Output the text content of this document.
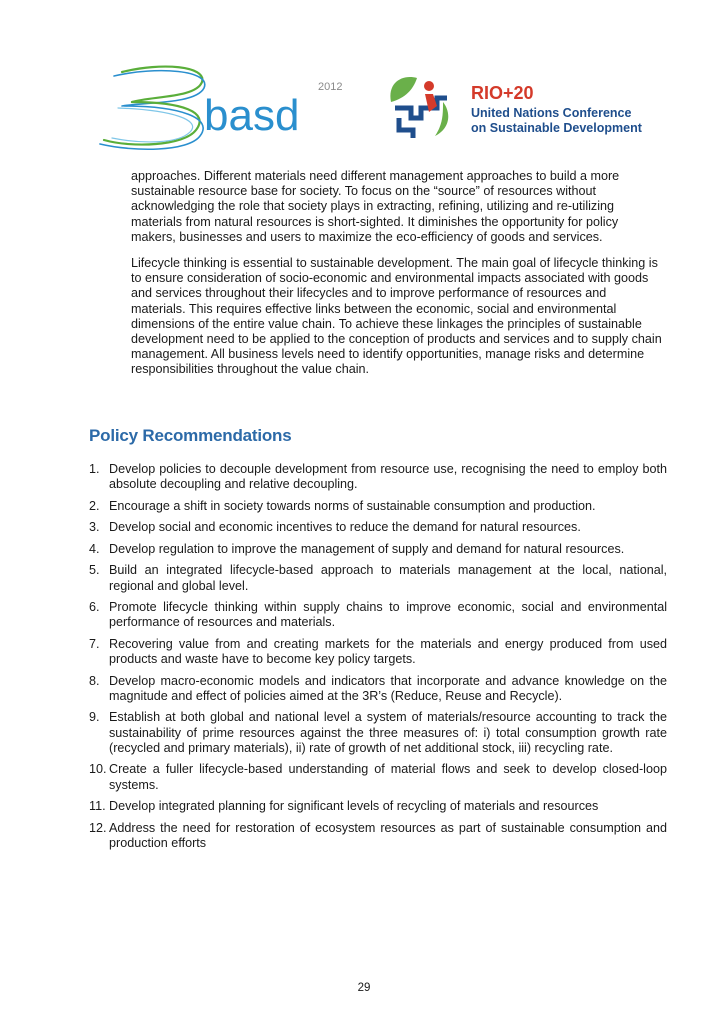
basd
2012	RIO+20
United Nations Conference
on Sustainable Development

approaches. Different materials need different management approaches to build a more sustainable resource base for society. To focus on the “source” of resources without acknowledging the role that society plays in extracting, refining, utilizing and re-utilizing materials from natural resources is short-sighted. It diminishes the opportunity for policy makers, businesses and users to maximize the eco-efficiency of goods and services.

Lifecycle thinking is essential to sustainable development. The main goal of lifecycle thinking is to ensure consideration of socio-economic and environmental impacts associated with goods and services throughout their lifecycles and to improve performance of resources and materials. This requires effective links between the economic, social and environmental dimensions of the entire value chain. To achieve these linkages the principles of sustainable development need to be applied to the conception of products and services and to supply chain management. All business levels need to identify opportunities, manage risks and determine responsibilities throughout the value chain.

Policy Recommendations
1. Develop policies to decouple development from resource use, recognising the need to employ both absolute decoupling and relative decoupling.
2. Encourage a shift in society towards norms of sustainable consumption and production.
3. Develop social and economic incentives to reduce the demand for natural resources.
4. Develop regulation to improve the management of supply and demand for natural resources.
5. Build an integrated lifecycle-based approach to materials management at the local, national, regional and global level.
6. Promote lifecycle thinking within supply chains to improve economic, social and environmental performance of resources and materials.
7. Recovering value from and creating markets for the materials and energy produced from used products and waste have to become key policy targets.
8. Develop macro-economic models and indicators that incorporate and advance knowledge on the magnitude and effect of policies aimed at the 3R’s (Reduce, Reuse and Recycle).
9. Establish at both global and national level a system of materials/resource accounting to track the sustainability of prime resources against the three measures of: i) total consumption growth rate (recycled and primary materials), ii) rate of growth of net additional stock, iii) recycling rate.
10. Create a fuller lifecycle-based understanding of material flows and seek to develop closed-loop systems.
11. Develop integrated planning for significant levels of recycling of materials and resources
12. Address the need for restoration of ecosystem resources as part of sustainable consumption and production efforts
29
